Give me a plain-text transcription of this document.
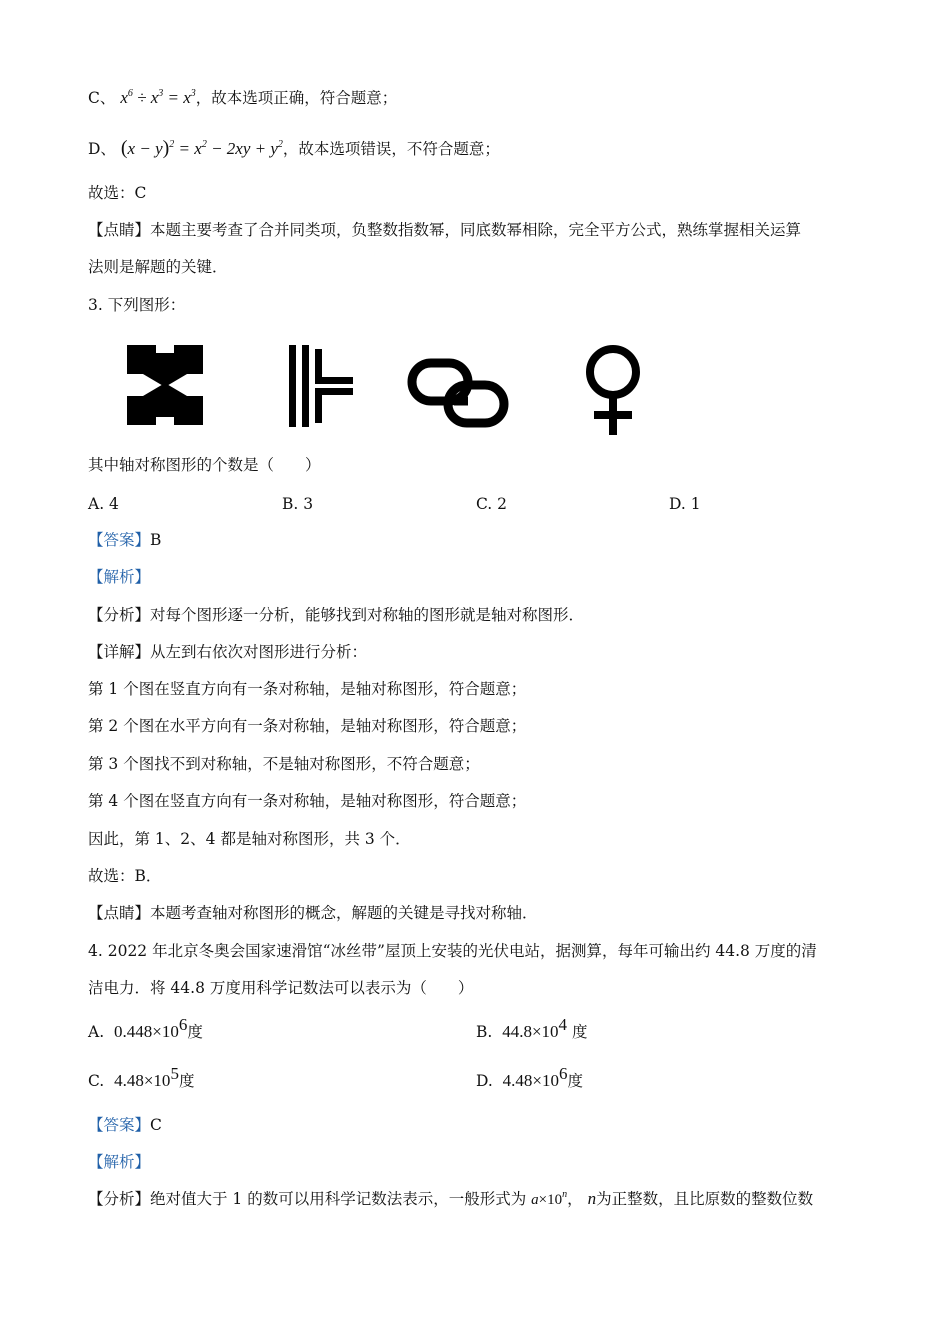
C、 $x^6 \div x^3 = x^3$，故本选项正确，符合题意；
D、 $(x - y)^2 = x^2 - 2xy + y^2$，故本选项错误，不符合题意；
故选：C
【点睛】本题主要考查了合并同类项，负整数指数幂，同底数幂相除，完全平方公式，熟练掌握相关运算
法则是解题的关键．
3. 下列图形：
其中轴对称图形的个数是（　　）
A. 4	B. 3	C. 2	D. 1
【答案】B
【解析】
【分析】对每个图形逐一分析，能够找到对称轴的图形就是轴对称图形．
【详解】从左到右依次对图形进行分析：
第 1 个图在竖直方向有一条对称轴，是轴对称图形，符合题意；
第 2 个图在水平方向有一条对称轴，是轴对称图形，符合题意；
第 3 个图找不到对称轴，不是轴对称图形，不符合题意；
第 4 个图在竖直方向有一条对称轴，是轴对称图形，符合题意；
因此，第 1、2、4 都是轴对称图形，共 3 个．
故选：B．
【点睛】本题考查轴对称图形的概念，解题的关键是寻找对称轴．
4. 2022 年北京冬奥会国家速滑馆“冰丝带”屋顶上安装的光伏电站，据测算，每年可输出约 44.8 万度的清
洁电力．将 44.8 万度用科学记数法可以表示为（　　）
A. $0.448\times 10^6$度	B. $44.8\times 10^4$ 度
C. $4.48\times 10^5$度	D. $4.48\times 10^6$度
【答案】C
【解析】
【分析】绝对值大于 1 的数可以用科学记数法表示，一般形式为 $a\times 10^n$， n为正整数，且比原数的整数位数
